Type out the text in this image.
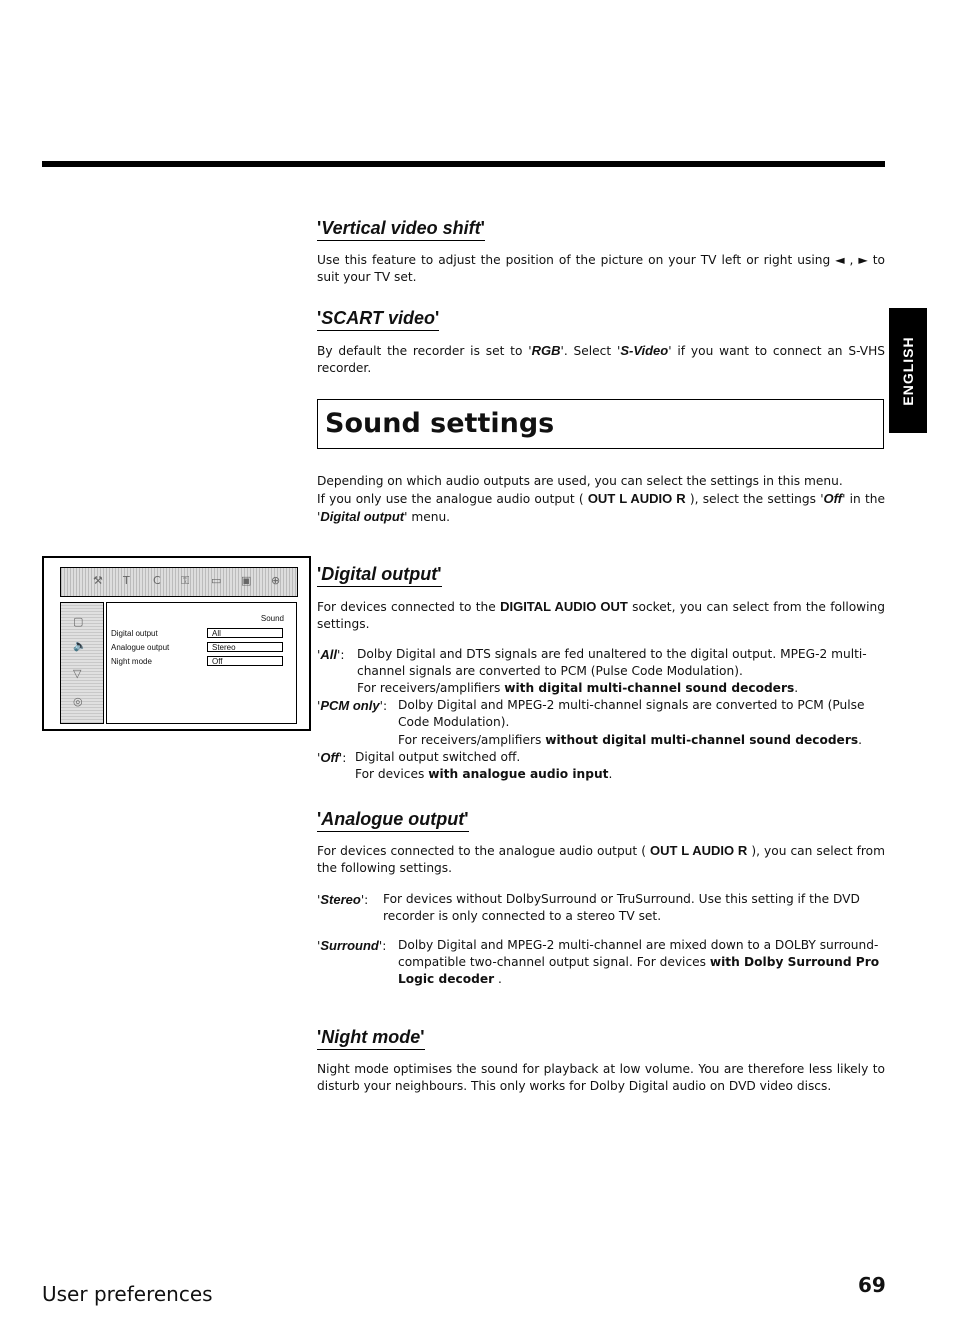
ENGLISH
'Vertical video shift'

Use this feature to adjust the position of the picture on your TV left or right using ◄ , ► to suit your TV set.

'SCART video'

By default the recorder is set to 'RGB'. Select 'S-Video' if you want to connect an S-VHS recorder.

Sound settings

Depending on which audio outputs are used, you can select the settings in this menu.
If you only use the analogue audio output ( OUT L AUDIO R ), select the settings 'Off' in the 'Digital output' menu.

⚒ T C ⚿ ▭ ▣ ⊕
▢
🔈
▽
◎
Sound
Digital output	All
Analogue output	Stereo
Night mode	Off
'Digital output'

For devices connected to the DIGITAL AUDIO OUT socket, you can select from the following settings.

'All': Dolby Digital and DTS signals are fed unaltered to the digital output. MPEG-2 multi-channel signals are converted to PCM (Pulse Code Modulation).
For receivers/amplifiers with digital multi-channel sound decoders.
'PCM only': Dolby Digital and MPEG-2 multi-channel signals are converted to PCM (Pulse Code Modulation).
For receivers/amplifiers without digital multi-channel sound decoders.
'Off': Digital output switched off.
For devices with analogue audio input.
'Analogue output'

For devices connected to the analogue audio output ( OUT L AUDIO R ), you can select from the following settings.

'Stereo': For devices without DolbySurround or TruSurround. Use this setting if the DVD recorder is only connected to a stereo TV set.
'Surround': Dolby Digital and MPEG-2 multi-channel are mixed down to a DOLBY surround-compatible two-channel output signal. For devices with Dolby Surround Pro Logic decoder .
'Night mode'

Night mode optimises the sound for playback at low volume. You are therefore less likely to disturb your neighbours. This only works for Dolby Digital audio on DVD video discs.

User preferences	69
